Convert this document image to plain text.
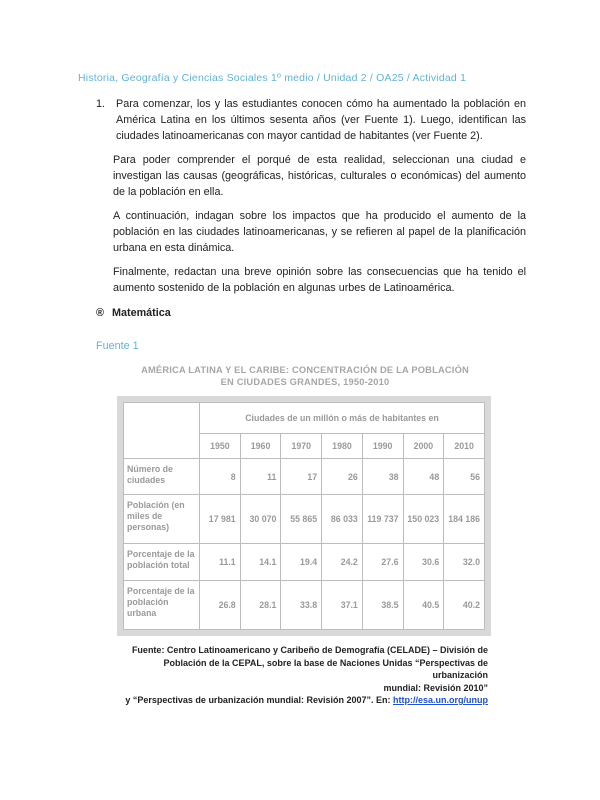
Historia, Geografía y Ciencias Sociales 1º medio / Unidad 2 / OA25 / Actividad 1
1.	Para comenzar, los y las estudiantes conocen cómo ha aumentado la población en América Latina en los últimos sesenta años (ver Fuente 1). Luego, identifican las ciudades latinoamericanas con mayor cantidad de habitantes (ver Fuente 2).
Para poder comprender el porqué de esta realidad, seleccionan una ciudad e investigan las causas (geográficas, históricas, culturales o económicas) del aumento de la población en ella.
A continuación, indagan sobre los impactos que ha producido el aumento de la población en las ciudades latinoamericanas, y se refieren al papel de la planificación urbana en esta dinámica.
Finalmente, redactan una breve opinión sobre las consecuencias que ha tenido el aumento sostenido de la población en algunas urbes de Latinoamérica.
® Matemática
Fuente 1
AMÉRICA LATINA Y EL CARIBE: CONCENTRACIÓN DE LA POBLACIÓN
EN CIUDADES GRANDES, 1950-2010
	Ciudades de un millón o más de habitantes en						
	1950	1960	1970	1980	1990	2000	2010
Número de ciudades	8	11	17	26	38	48	56
Población (en miles de personas)	17 981	30 070	55 865	86 033	119 737	150 023	184 186
Porcentaje de la población total	11.1	14.1	19.4	24.2	27.6	30.6	32.0
Porcentaje de la población urbana	26.8	28.1	33.8	37.1	38.5	40.5	40.2
Fuente: Centro Latinoamericano y Caribeño de Demografía (CELADE) – División de
Población de la CEPAL, sobre la base de Naciones Unidas “Perspectivas de urbanización
mundial: Revisión 2010”
y “Perspectivas de urbanización mundial: Revisión 2007”. En: http://esa.un.org/unup
